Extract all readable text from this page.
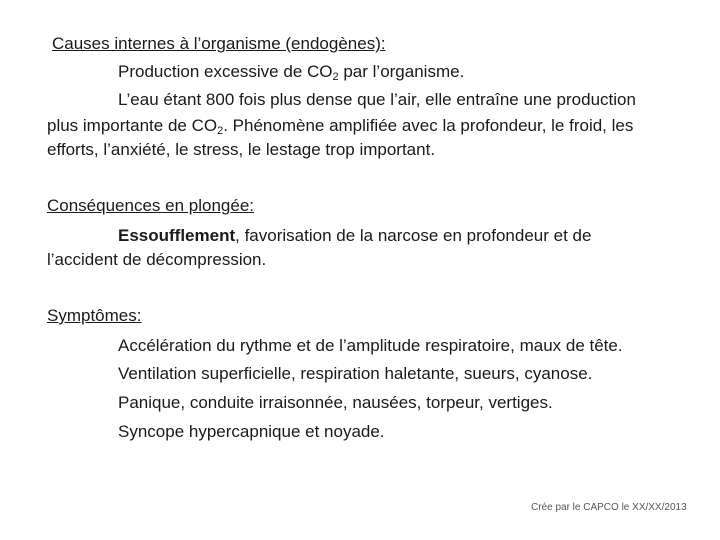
Causes internes à l’organisme (endogènes):
Production excessive de $CO_2$ par l’organisme.
L’eau étant 800 fois plus dense que l’air, elle entraîne une production
plus importante de $CO_2$. Phénomène amplifiée avec la profondeur, le froid, les
efforts, l’anxiété, le stress, le lestage trop important.
Conséquences en plongée:
Essoufflement, favorisation de la narcose en profondeur et de
l’accident de décompression.
Symptômes:
Accélération du rythme et de l’amplitude respiratoire, maux de tête.
Ventilation superficielle, respiration haletante, sueurs, cyanose.
Panique, conduite irraisonnée, nausées, torpeur, vertiges.
Syncope hypercapnique et noyade.
Crée par le CAPCO le XX/XX/2013
